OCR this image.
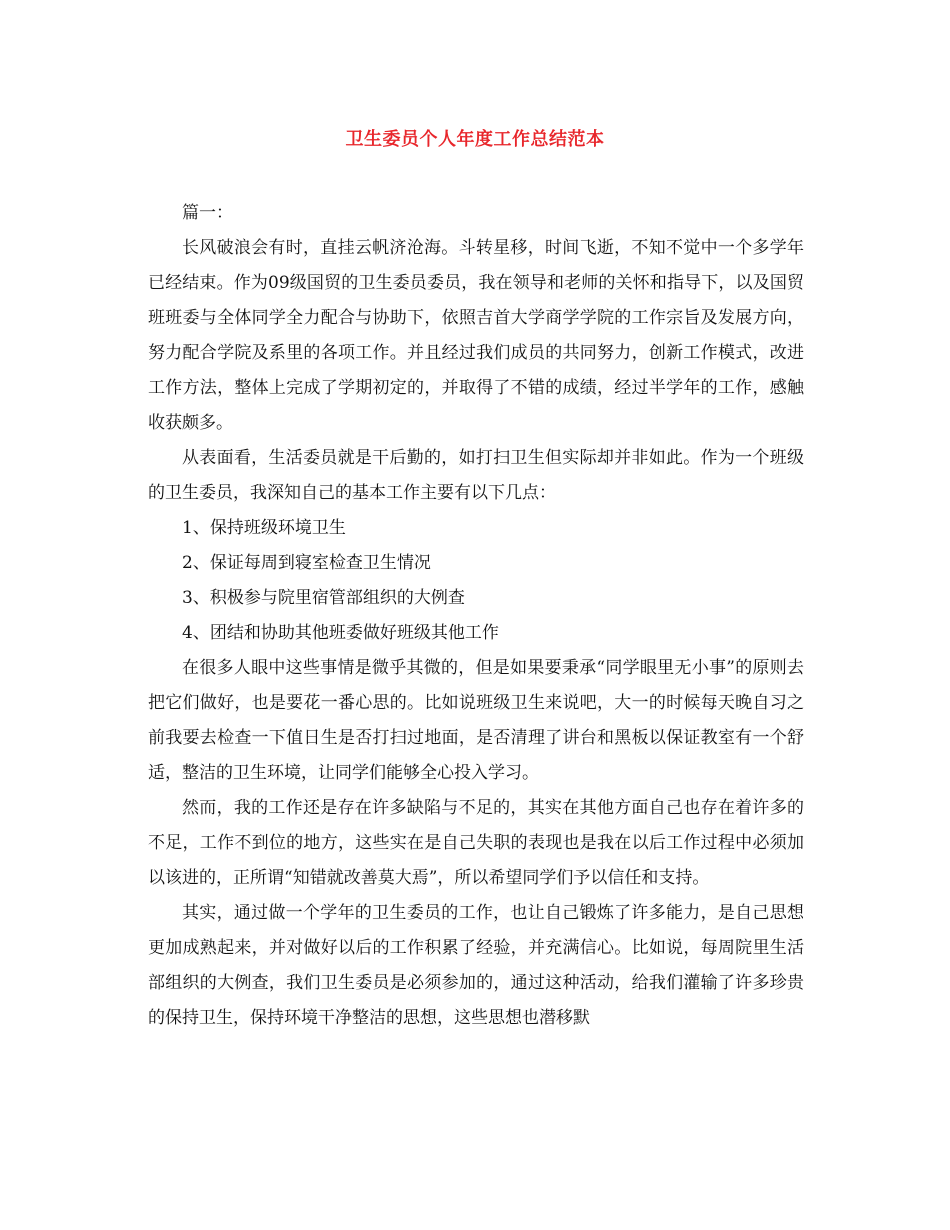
卫生委员个人年度工作总结范本

篇一：

长风破浪会有时，直挂云帆济沧海。斗转星移，时间飞逝，不知不觉中一个多学年已经结束。作为09级国贸的卫生委员委员，我在领导和老师的关怀和指导下，以及国贸班班委与全体同学全力配合与协助下，依照吉首大学商学学院的工作宗旨及发展方向，努力配合学院及系里的各项工作。并且经过我们成员的共同努力，创新工作模式，改进工作方法，整体上完成了学期初定的，并取得了不错的成绩，经过半学年的工作，感触收获颇多。

从表面看，生活委员就是干后勤的，如打扫卫生但实际却并非如此。作为一个班级的卫生委员，我深知自己的基本工作主要有以下几点：

1、保持班级环境卫生

2、保证每周到寝室检查卫生情况

3、积极参与院里宿管部组织的大例查

4、团结和协助其他班委做好班级其他工作

在很多人眼中这些事情是微乎其微的，但是如果要秉承“同学眼里无小事”的原则去把它们做好，也是要花一番心思的。比如说班级卫生来说吧，大一的时候每天晚自习之前我要去检查一下值日生是否打扫过地面，是否清理了讲台和黑板以保证教室有一个舒适，整洁的卫生环境，让同学们能够全心投入学习。

然而，我的工作还是存在许多缺陷与不足的，其实在其他方面自己也存在着许多的不足，工作不到位的地方，这些实在是自己失职的表现也是我在以后工作过程中必须加以该进的，正所谓“知错就改善莫大焉”，所以希望同学们予以信任和支持。

其实，通过做一个学年的卫生委员的工作，也让自己锻炼了许多能力，是自己思想更加成熟起来，并对做好以后的工作积累了经验，并充满信心。比如说，每周院里生活部组织的大例查，我们卫生委员是必须参加的，通过这种活动，给我们灌输了许多珍贵的保持卫生，保持环境干净整洁的思想，这些思想也潜移默
